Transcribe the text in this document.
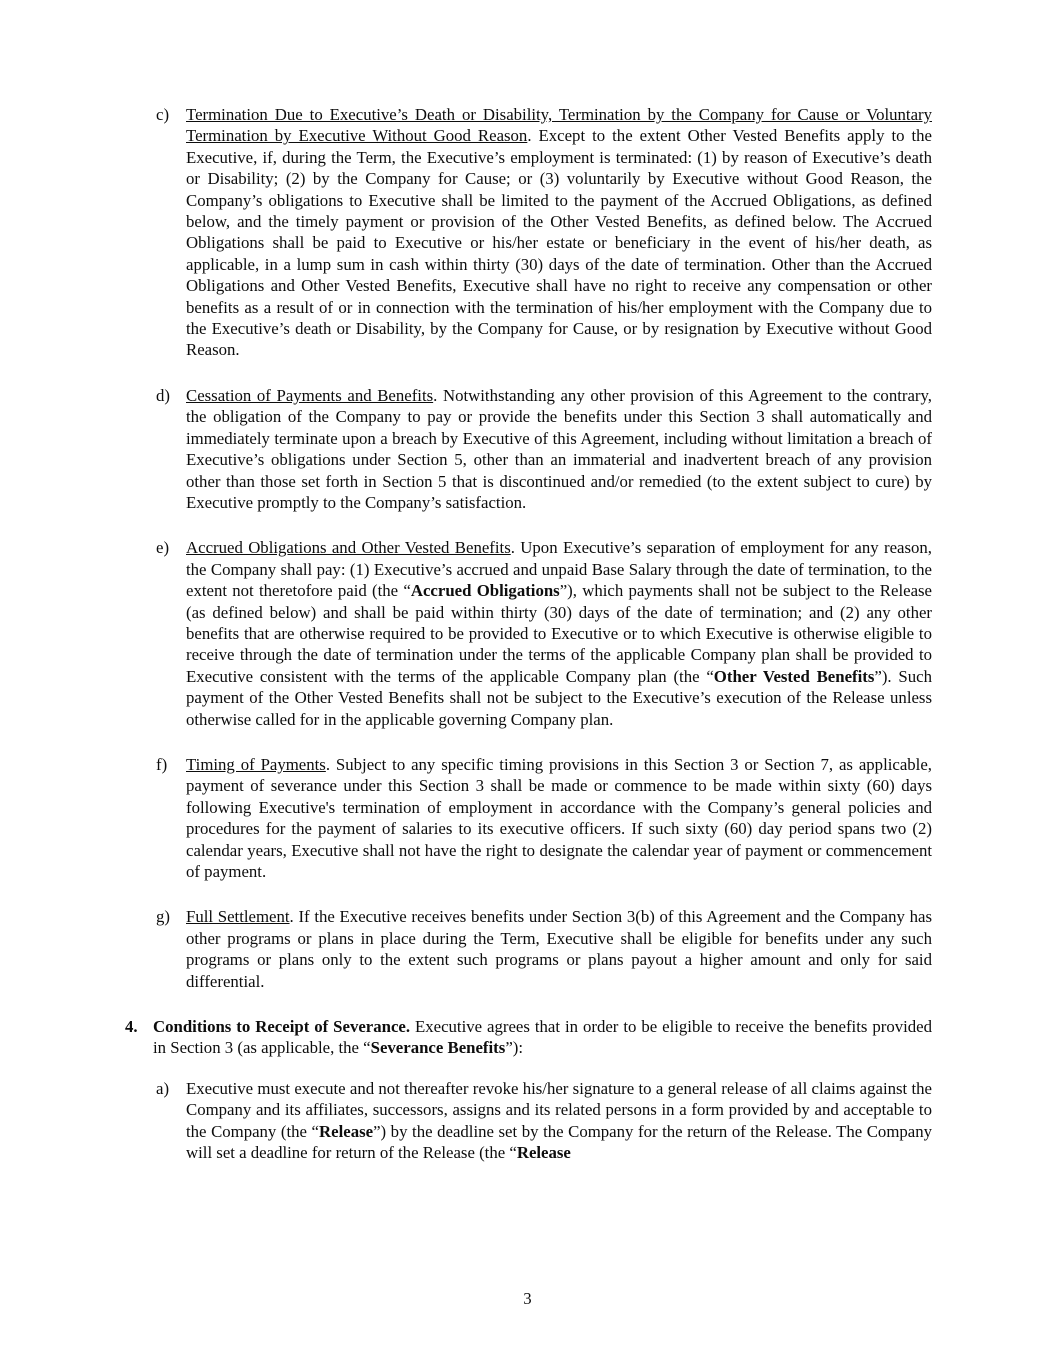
c)	Termination Due to Executive’s Death or Disability, Termination by the Company for Cause or Voluntary Termination by Executive Without Good Reason. Except to the extent Other Vested Benefits apply to the Executive, if, during the Term, the Executive’s employment is terminated: (1) by reason of Executive’s death or Disability; (2) by the Company for Cause; or (3) voluntarily by Executive without Good Reason, the Company’s obligations to Executive shall be limited to the payment of the Accrued Obligations, as defined below, and the timely payment or provision of the Other Vested Benefits, as defined below. The Accrued Obligations shall be paid to Executive or his/her estate or beneficiary in the event of his/her death, as applicable, in a lump sum in cash within thirty (30) days of the date of termination. Other than the Accrued Obligations and Other Vested Benefits, Executive shall have no right to receive any compensation or other benefits as a result of or in connection with the termination of his/her employment with the Company due to the Executive’s death or Disability, by the Company for Cause, or by resignation by Executive without Good Reason.
d) Cessation of Payments and Benefits. Notwithstanding any other provision of this Agreement to the contrary, the obligation of the Company to pay or provide the benefits under this Section 3 shall automatically and immediately terminate upon a breach by Executive of this Agreement, including without limitation a breach of Executive’s obligations under Section 5, other than an immaterial and inadvertent breach of any provision other than those set forth in Section 5 that is discontinued and/or remedied (to the extent subject to cure) by Executive promptly to the Company’s satisfaction.
e)	Accrued Obligations and Other Vested Benefits. Upon Executive’s separation of employment for any reason, the Company shall pay: (1) Executive’s accrued and unpaid Base Salary through the date of termination, to the extent not theretofore paid (the “Accrued Obligations”), which payments shall not be subject to the Release (as defined below) and shall be paid within thirty (30) days of the date of termination; and (2) any other benefits that are otherwise required to be provided to Executive or to which Executive is otherwise eligible to receive through the date of termination under the terms of the applicable Company plan shall be provided to Executive consistent with the terms of the applicable Company plan (the “Other Vested Benefits”). Such payment of the Other Vested Benefits shall not be subject to the Executive’s execution of the Release unless otherwise called for in the applicable governing Company plan.
f)	Timing of Payments. Subject to any specific timing provisions in this Section 3 or Section 7, as applicable, payment of severance under this Section 3 shall be made or commence to be made within sixty (60) days following Executive's termination of employment in accordance with the Company’s general policies and procedures for the payment of salaries to its executive officers. If such sixty (60) day period spans two (2) calendar years, Executive shall not have the right to designate the calendar year of payment or commencement of payment.
g) Full Settlement. If the Executive receives benefits under Section 3(b) of this Agreement and the Company has other programs or plans in place during the Term, Executive shall be eligible for benefits under any such programs or plans only to the extent such programs or plans payout a higher amount and only for said differential.
4. Conditions to Receipt of Severance. Executive agrees that in order to be eligible to receive the benefits provided in Section 3 (as applicable, the “Severance Benefits”):
a)	Executive must execute and not thereafter revoke his/her signature to a general release of all claims against the Company and its affiliates, successors, assigns and its related persons in a form provided by and acceptable to the Company (the “Release”) by the deadline set by the Company for the return of the Release. The Company will set a deadline for return of the Release (the “Release
3
